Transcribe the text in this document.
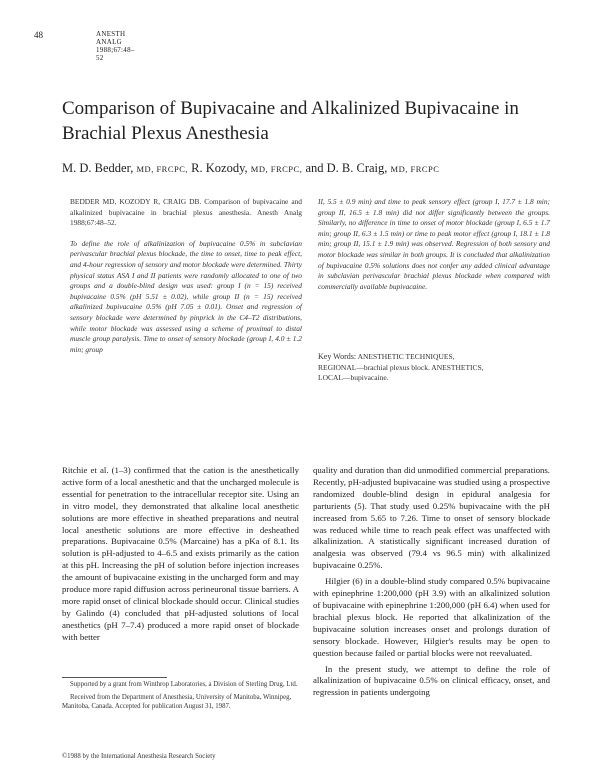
48	ANESTH ANALG
1988;67:48–52
Comparison of Bupivacaine and Alkalinized Bupivacaine in Brachial Plexus Anesthesia
M. D. Bedder, MD, FRCPC, R. Kozody, MD, FRCPC, and D. B. Craig, MD, FRCPC
BEDDER MD, KOZODY R, CRAIG DB. Comparison of bupivacaine and alkalinized bupivacaine in brachial plexus anesthesia. Anesth Analg 1988;67:48–52.
To define the role of alkalinization of bupivacaine 0.5% in subclavian perivascular brachial plexus blockade, the time to onset, time to peak effect, and 4-hour regression of sensory and motor blockade were determined. Thirty physical status ASA I and II patients were randomly allocated to one of two groups and a double-blind design was used: group I (n = 15) received bupivacaine 0.5% (pH 5.51 ± 0.02), while group II (n = 15) received alkalinized bupivacaine 0.5% (pH 7.05 ± 0.01). Onset and regression of sensory blockade were determined by pinprick in the C4–T2 distributions, while motor blockade was assessed using a scheme of proximal to distal muscle group paralysis. Time to onset of sensory blockade (group I, 4.0 ± 1.2 min; group
II, 5.5 ± 0.9 min) and time to peak sensory effect (group I, 17.7 ± 1.8 min; group II, 16.5 ± 1.8 min) did not differ significantly between the groups. Similarly, no difference in time to onset of motor blockade (group I, 6.5 ± 1.7 min; group II, 6.3 ± 1.5 min) or time to peak motor effect (group I, 18.1 ± 1.8 min; group II, 15.1 ± 1.9 min) was observed. Regression of both sensory and motor blockade was similar in both groups. It is concluded that alkalinization of bupivacaine 0.5% solutions does not confer any added clinical advantage in subclavian perivascular brachial plexus blockade when compared with commercially available bupivacaine.
Key Words: ANESTHETIC TECHNIQUES,
REGIONAL—brachial plexus block. ANESTHETICS,
LOCAL—bupivacaine.

Ritchie et al. (1–3) confirmed that the cation is the anesthetically active form of a local anesthetic and that the uncharged molecule is essential for penetration to the intracellular receptor site. Using an in vitro model, they demonstrated that alkaline local anesthetic solutions are more effective in sheathed preparations and neutral local anesthetic solutions are more effective in desheathed preparations. Bupivacaine 0.5% (Marcaine) has a pKa of 8.1. Its solution is pH-adjusted to 4–6.5 and exists primarily as the cation at this pH. Increasing the pH of solution before injection increases the amount of bupivacaine existing in the uncharged form and may produce more rapid diffusion across perineuronal tissue barriers. A more rapid onset of clinical blockade should occur. Clinical studies by Galindo (4) concluded that pH-adjusted solutions of local anesthetics (pH 7–7.4) produced a more rapid onset of blockade with better

quality and duration than did unmodified commercial preparations. Recently, pH-adjusted bupivacaine was studied using a prospective randomized double-blind design in epidural analgesia for parturients (5). That study used 0.25% bupivacaine with the pH increased from 5.65 to 7.26. Time to onset of sensory blockade was reduced while time to reach peak effect was unaffected with alkalinization. A statistically significant increased duration of analgesia was observed (79.4 vs 96.5 min) with alkalinized bupivacaine 0.25%.

Hilgier (6) in a double-blind study compared 0.5% bupivacaine with epinephrine 1:200,000 (pH 3.9) with an alkalinized solution of bupivacaine with epinephrine 1:200,000 (pH 6.4) when used for brachial plexus block. He reported that alkalinization of the bupivacaine solution increases onset and prolongs duration of sensory blockade. However, Hilgier's results may be open to question because failed or partial blocks were not reevaluated.

In the present study, we attempt to define the role of alkalinization of bupivacaine 0.5% on clinical efficacy, onset, and regression in patients undergoing

Supported by a grant from Winthrop Laboratories, a Division of Sterling Drug, Ltd.

Received from the Department of Anesthesia, University of Manitoba, Winnipeg, Manitoba, Canada. Accepted for publication August 31, 1987.

©1988 by the International Anesthesia Research Society
